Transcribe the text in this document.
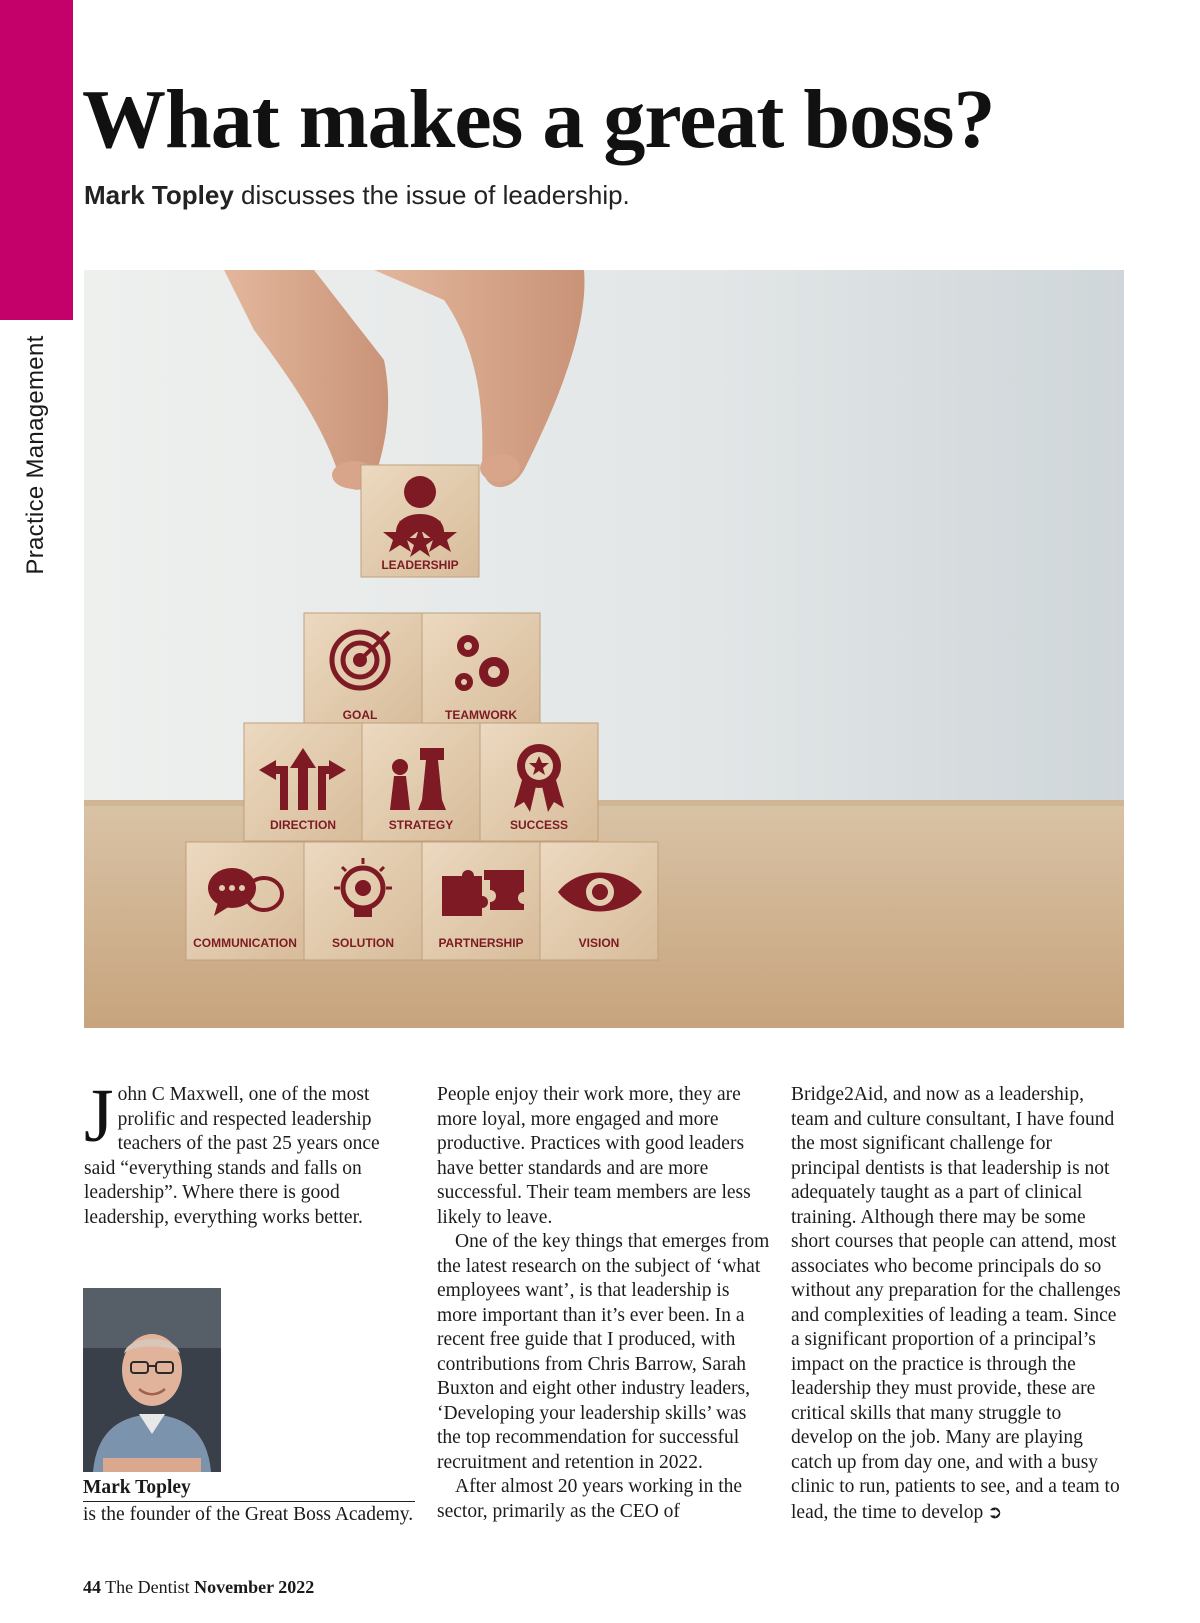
Practice Management
What makes a great boss?

Mark Topley discusses the issue of leadership.

LEADERSHIP
GOAL	TEAMWORK
DIRECTION	STRATEGY	SUCCESS
COMMUNICATION	SOLUTION	PARTNERSHIP	VISION

John C Maxwell, one of the most prolific and respected leadership teachers of the past 25 years once said “everything stands and falls on leadership”. Where there is good leadership, everything works better.

People enjoy their work more, they are more loyal, more engaged and more productive. Practices with good leaders have better standards and are more successful. Their team members are less likely to leave.

One of the key things that emerges from the latest research on the subject of ‘what employees want’, is that leadership is more important than it’s ever been. In a recent free guide that I produced, with contributions from Chris Barrow, Sarah Buxton and eight other industry leaders, ‘Developing your leadership skills’ was the top recommendation for successful recruitment and retention in 2022.

After almost 20 years working in the sector, primarily as the CEO of

Bridge2Aid, and now as a leadership, team and culture consultant, I have found the most significant challenge for principal dentists is that leadership is not adequately taught as a part of clinical training. Although there may be some short courses that people can attend, most associates who become principals do so without any preparation for the challenges and complexities of leading a team. Since a significant proportion of a principal’s impact on the practice is through the leadership they must provide, these are critical skills that many struggle to develop on the job. Many are playing catch up from day one, and with a busy clinic to run, patients to see, and a team to lead, the time to develop ➲

Mark Topley
is the founder of the Great Boss Academy.
44 The Dentist November 2022
